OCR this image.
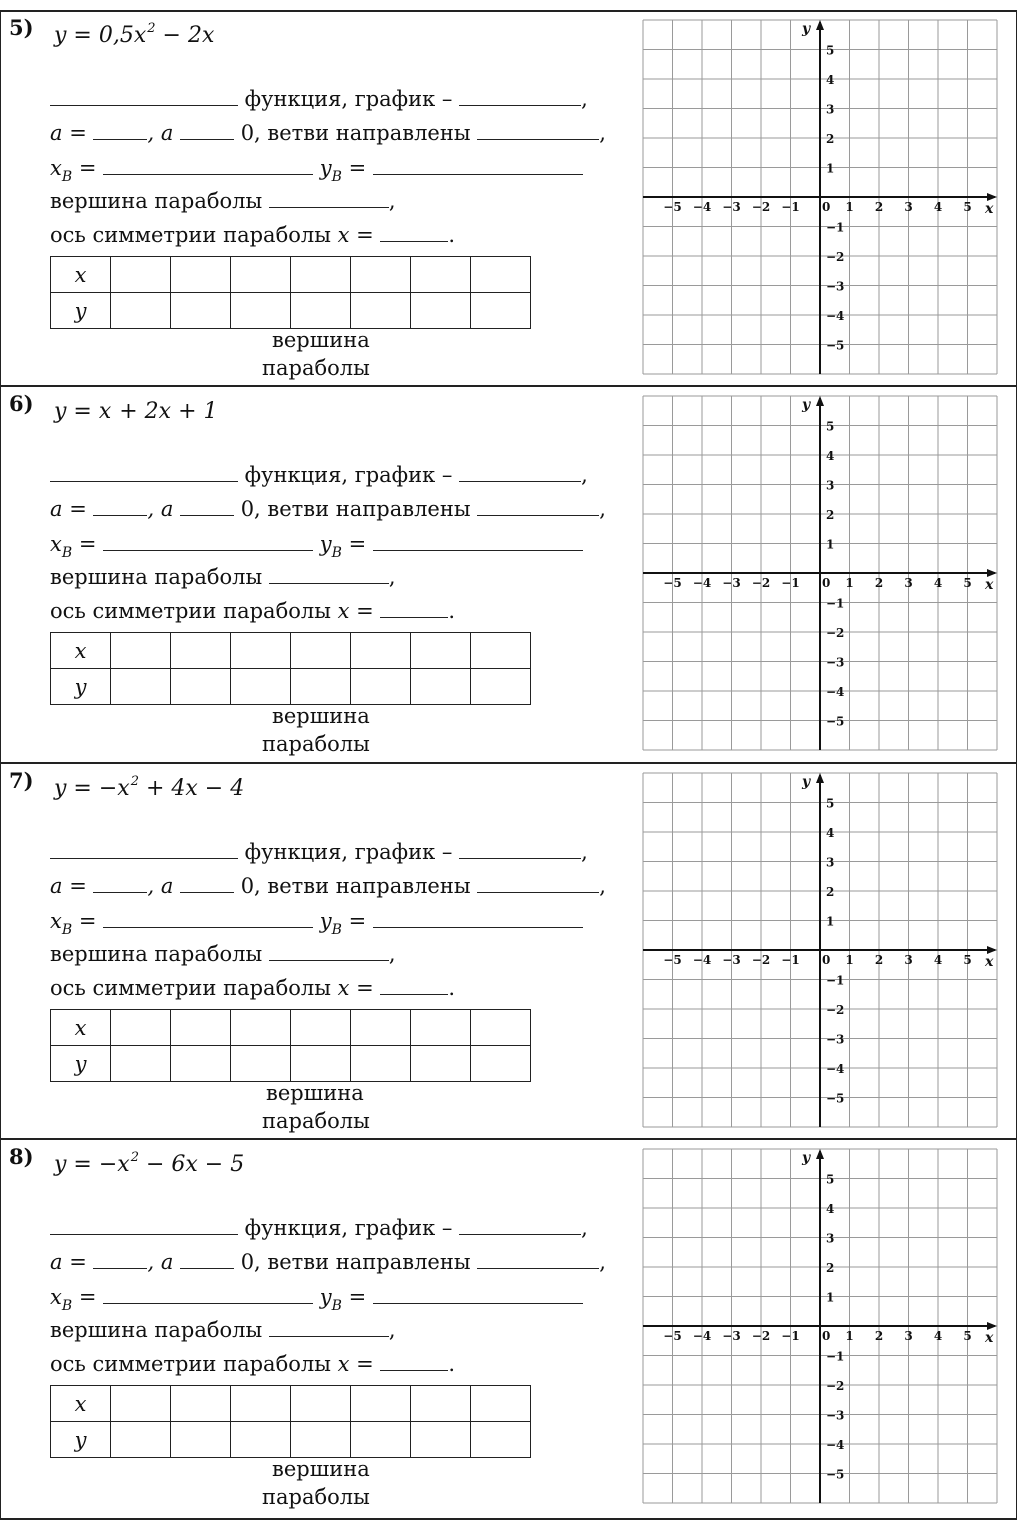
5) $y = 0,5x^2 - 2x$
функция, график –	,
a =	, a	0, ветви направлены	,
$x_B$ =	$y_B$ =
вершина параболы	,
ось симметрии параболы x =	.
x							
y							
вершина
параболы
−5 −4 −3 −2 −1	1 2 3 4 5
5
4
3
2
1
−1
−2
−3
−4
−5
0	x
y
6) y = x + 2x + 1
функция, график –	,
a =	, a	0, ветви направлены	,
$x_B$ =	$y_B$ =
вершина параболы	,
ось симметрии параболы x =	.
x							
y							
вершина
параболы
−5 −4 −3 −2 −1	1 2 3 4 5
5
4
3
2
1
−1
−2
−3
−4
−5
0	x
y
7) $y = -x^2 + 4x - 4$
функция, график –	,
a =	, a	0, ветви направлены	,
$x_B$ =	$y_B$ =
вершина параболы	,
ось симметрии параболы x =	.
x							
y							
вершина
параболы
−5 −4 −3 −2 −1	1 2 3 4 5
5
4
3
2
1
−1
−2
−3
−4
−5
0	x
y
8) $y = -x^2 - 6x - 5$
функция, график –	,
a =	, a	0, ветви направлены	,
$x_B$ =	$y_B$ =
вершина параболы	,
ось симметрии параболы x =	.
x							
y							
вершина
параболы
−5 −4 −3 −2 −1	1 2 3 4 5
5
4
3
2
1
−1
−2
−3
−4
−5
0	x
y
